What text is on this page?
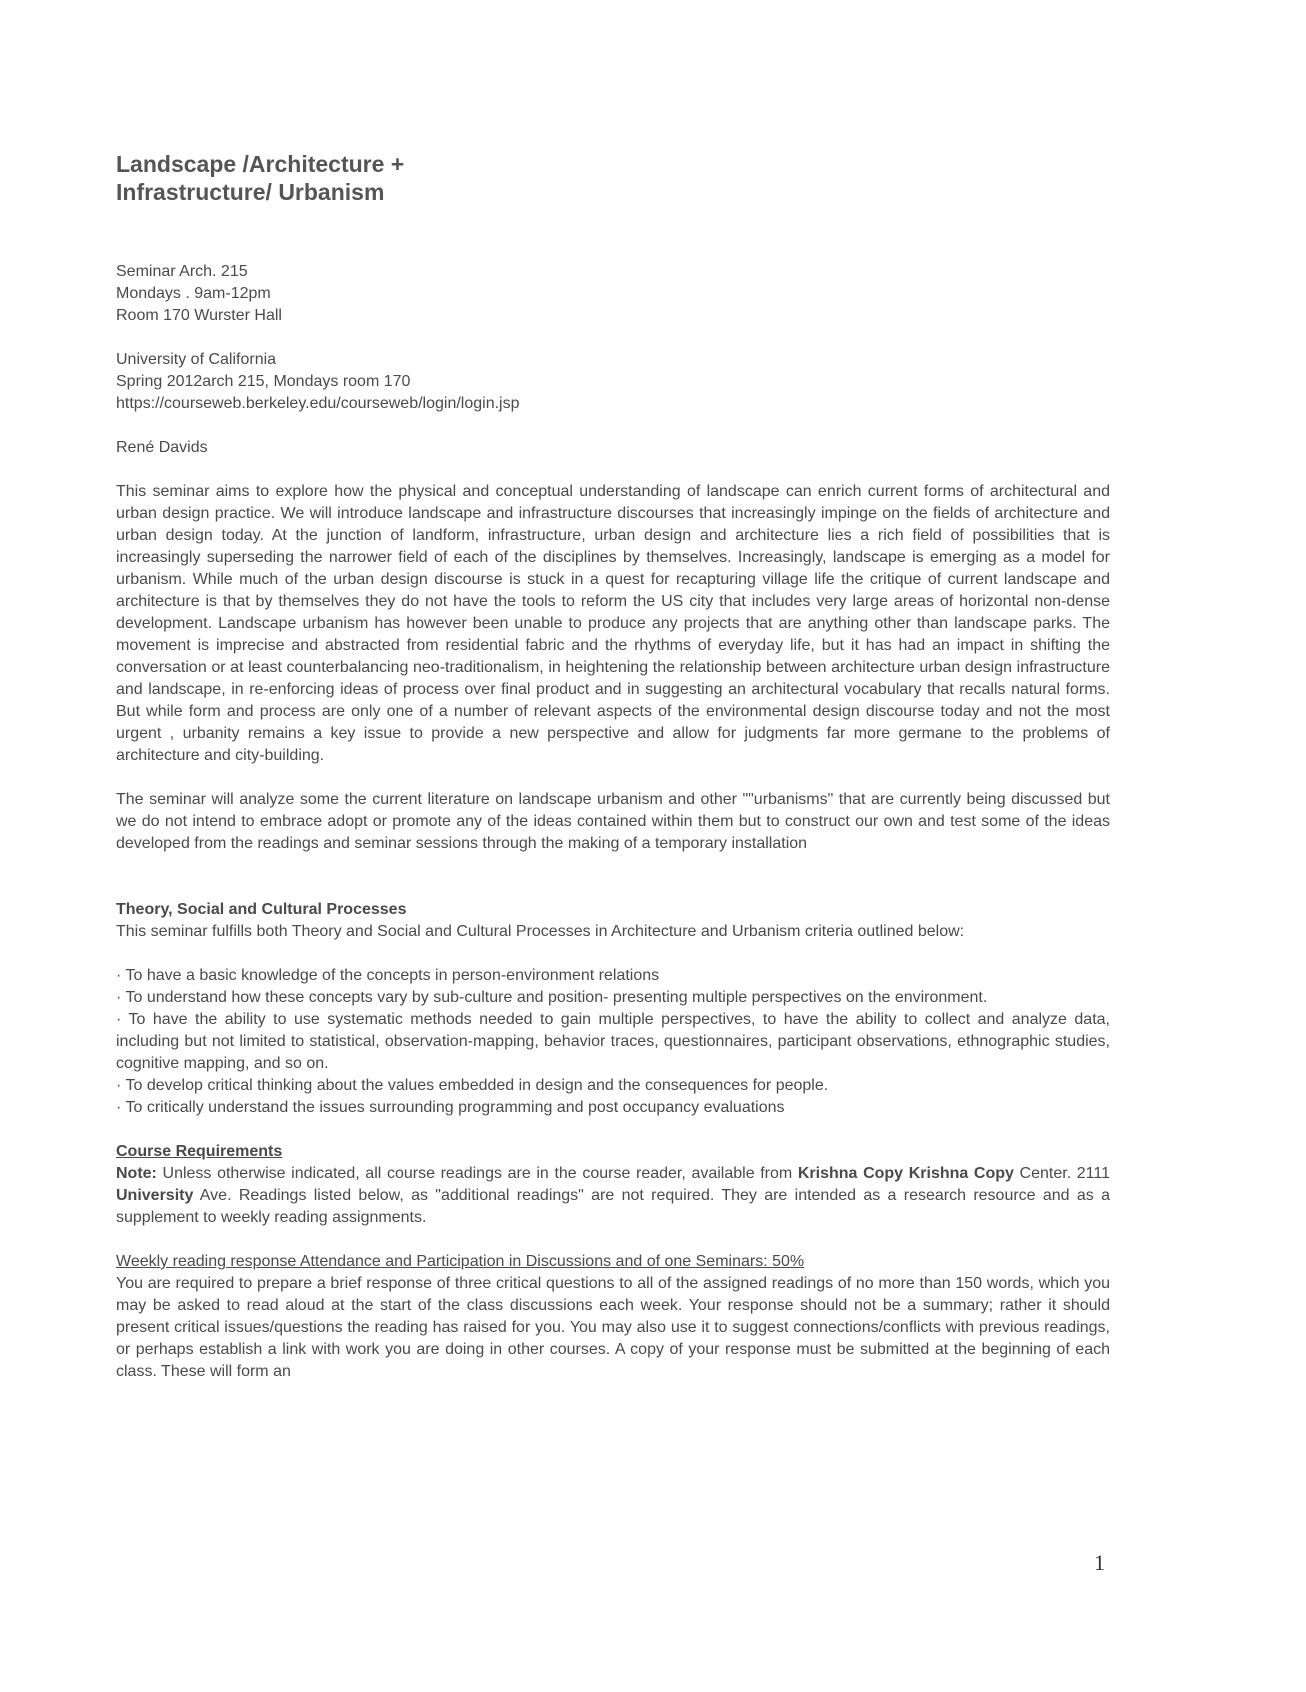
Landscape /Architecture +
Infrastructure/ Urbanism
Seminar Arch. 215
Mondays . 9am-12pm
Room 170 Wurster Hall
University of California
Spring 2012arch 215, Mondays room 170
https://courseweb.berkeley.edu/courseweb/login/login.jsp

René Davids

This seminar aims to explore how the physical and conceptual understanding of landscape can enrich current forms of architectural and urban design practice. We will introduce landscape and infrastructure discourses that increasingly impinge on the fields of architecture and urban design today. At the junction of landform, infrastructure, urban design and architecture lies a rich field of possibilities that is increasingly superseding the narrower field of each of the disciplines by themselves. Increasingly, landscape is emerging as a model for urbanism. While much of the urban design discourse is stuck in a quest for recapturing village life the critique of current landscape and architecture is that by themselves they do not have the tools to reform the US city that includes very large areas of horizontal non-dense development. Landscape urbanism has however been unable to produce any projects that are anything other than landscape parks. The movement is imprecise and abstracted from residential fabric and the rhythms of everyday life, but it has had an impact in shifting the conversation or at least counterbalancing neo-traditionalism, in heightening the relationship between architecture urban design infrastructure and landscape, in re-enforcing ideas of process over final product and in suggesting an architectural vocabulary that recalls natural forms. But while form and process are only one of a number of relevant aspects of the environmental design discourse today and not the most urgent , urbanity remains a key issue to provide a new perspective and allow for judgments far more germane to the problems of architecture and city-building.

The seminar will analyze some the current literature on landscape urbanism and other ""urbanisms" that are currently being discussed but we do not intend to embrace adopt or promote any of the ideas contained within them but to construct our own and test some of the ideas developed from the readings and seminar sessions through the making of a temporary installation

Theory, Social and Cultural Processes

This seminar fulfills both Theory and Social and Cultural Processes in Architecture and Urbanism criteria outlined below:

· To have a basic knowledge of the concepts in person-environment relations

· To understand how these concepts vary by sub-culture and position- presenting multiple perspectives on the environment.

· To have the ability to use systematic methods needed to gain multiple perspectives, to have the ability to collect and analyze data, including but not limited to statistical, observation-mapping, behavior traces, questionnaires, participant observations, ethnographic studies, cognitive mapping, and so on.

· To develop critical thinking about the values embedded in design and the consequences for people.

· To critically understand the issues surrounding programming and post occupancy evaluations

Course Requirements

Note: Unless otherwise indicated, all course readings are in the course reader, available from Krishna Copy Krishna Copy Center. 2111 University Ave. Readings listed below, as "additional readings" are not required. They are intended as a research resource and as a supplement to weekly reading assignments.

Weekly reading response Attendance and Participation in Discussions and of one Seminars: 50%

You are required to prepare a brief response of three critical questions to all of the assigned readings of no more than 150 words, which you may be asked to read aloud at the start of the class discussions each week. Your response should not be a summary; rather it should present critical issues/questions the reading has raised for you. You may also use it to suggest connections/conflicts with previous readings, or perhaps establish a link with work you are doing in other courses. A copy of your response must be submitted at the beginning of each class. These will form an

1
